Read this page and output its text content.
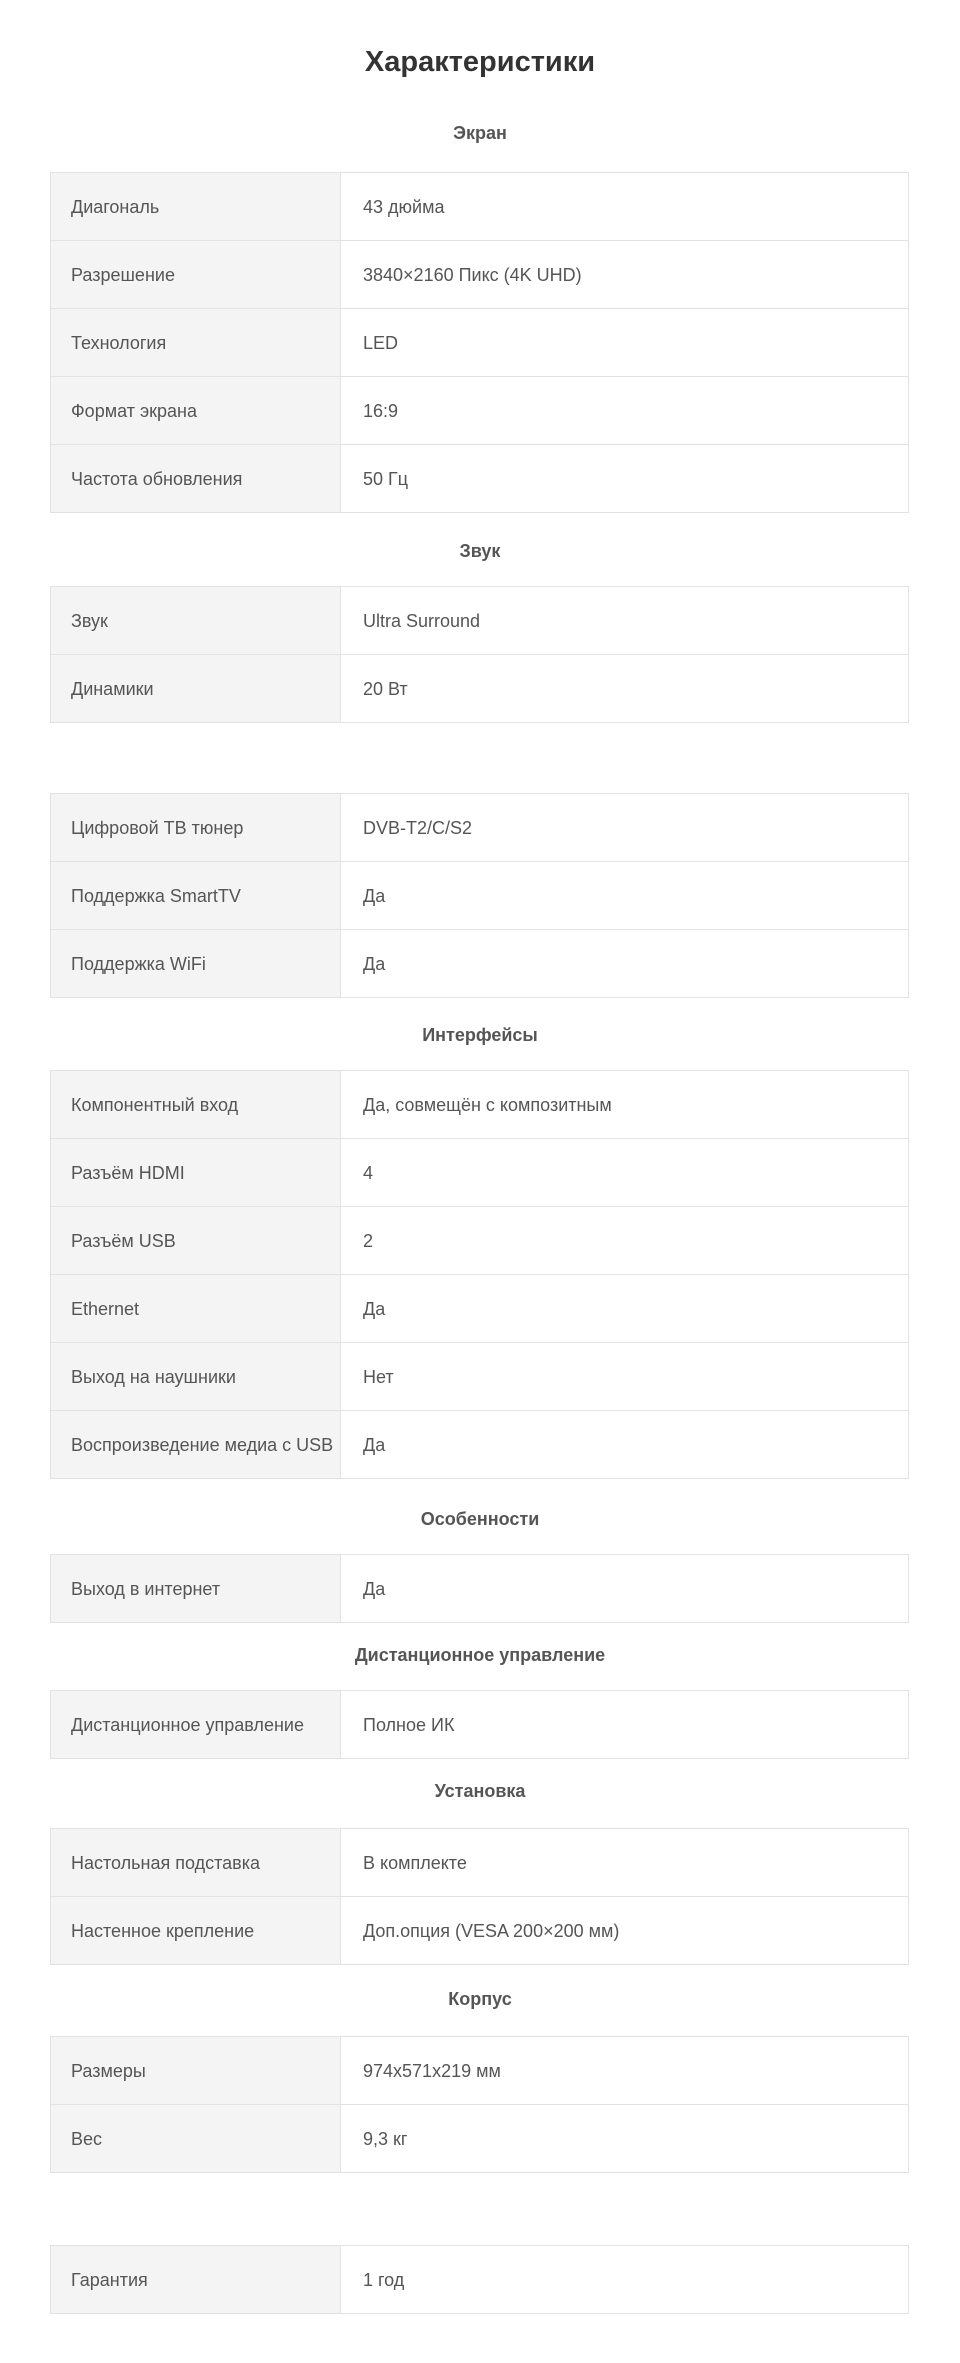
Характеристики
Экран
Диагональ	43 дюйма
Разрешение	3840×2160 Пикс (4K UHD)
Технология	LED
Формат экрана	16:9
Частота обновления	50 Гц
Звук
Звук	Ultra Surround
Динамики	20 Вт
Цифровой ТВ тюнер	DVB-T2/C/S2
Поддержка SmartTV	Да
Поддержка WiFi	Да
Интерфейсы
Компонентный вход	Да, совмещён с композитным
Разъём HDMI	4
Разъём USB	2
Ethernet	Да
Выход на наушники	Нет
Воспроизведение медиа с USB	Да
Особенности
Выход в интернет	Да
Дистанционное управление
Дистанционное управление	Полное ИК
Установка
Настольная подставка	В комплекте
Настенное крепление	Доп.опция (VESA 200×200 мм)
Корпус
Размеры	974x571x219 мм
Вес	9,3 кг
Гарантия	1 год
